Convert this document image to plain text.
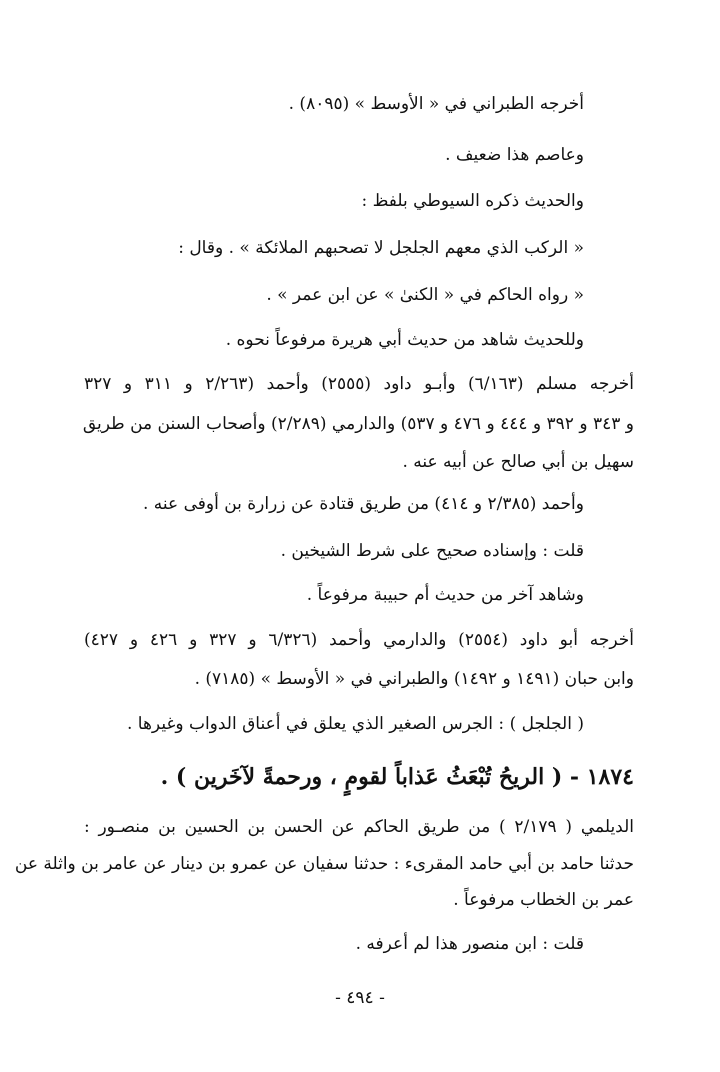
أخرجه الطبراني في « الأوسط » (٨٠٩٥) .
وعاصم هذا ضعيف .
والحديث ذكره السيوطي بلفظ :
« الركب الذي معهم الجلجل لا تصحبهم الملائكة » . وقال :
« رواه الحاكم في « الكنىٰ » عن ابن عمر » .
وللحديث شاهد من حديث أبي هريرة مرفوعاً نحوه .
أخرجه مسلم (٦/١٦٣) وأبـو داود (٢٥٥٥) وأحمد (٢/٢٦٣ و ٣١١ و ٣٢٧
و ٣٤٣ و ٣٩٢ و ٤٤٤ و ٤٧٦ و ٥٣٧) والدارمي (٢/٢٨٩) وأصحاب السنن من طريق
سهيل بن أبي صالح عن أبيه عنه .
وأحمد (٢/٣٨٥ و ٤١٤) من طريق قتادة عن زرارة بن أوفى عنه .
قلت : وإسناده صحيح على شرط الشيخين .
وشاهد آخر من حديث أم حبيبة مرفوعاً .
أخرجه أبو داود (٢٥٥٤) والدارمي وأحمد (٦/٣٢٦ و ٣٢٧ و ٤٢٦ و ٤٢٧)
وابن حبان (١٤٩١ و ١٤٩٢) والطبراني في « الأوسط » (٧١٨٥) .
( الجلجل ) : الجرس الصغير الذي يعلق في أعناق الدواب وغيرها .
١٨٧٤ - ( الريحُ تُبْعَثُ عَذاباً لقومٍ ، ورحمةً لآخَرين ) .
الديلمي ( ٢/١٧٩ ) من طريق الحاكم عن الحسن بن الحسين بن منصـور :
حدثنا حامد بن أبي حامد المقرىء : حدثنا سفيان عن عمرو بن دينار عن عامر بن واثلة عن
عمر بن الخطاب مرفوعاً .
قلت : ابن منصور هذا لم أعرفه .
- ٤٩٤ -
